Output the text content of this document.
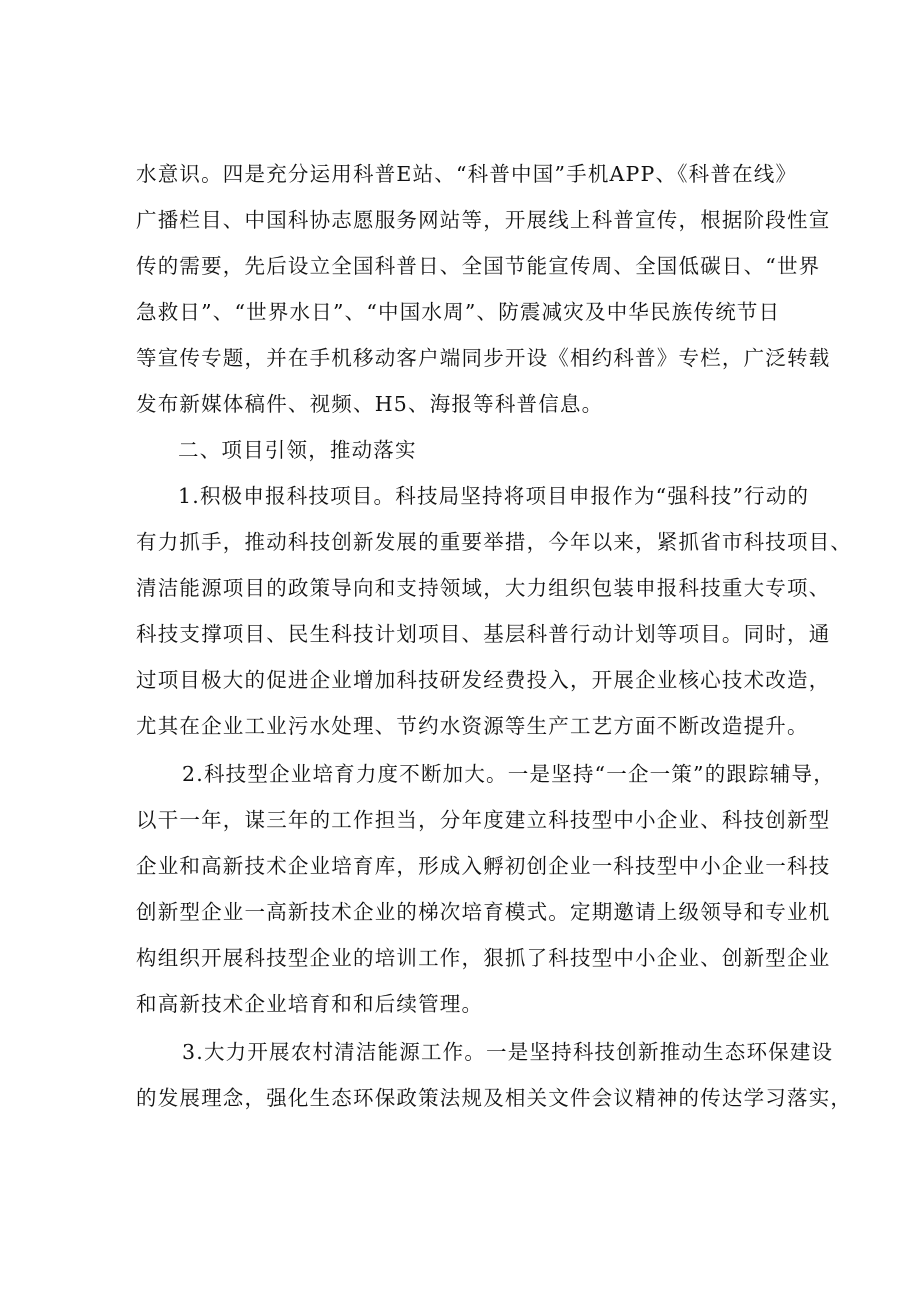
水意识。四是充分运用科普E站、“科普中国”手机APP、《科普在线》
广播栏目、中国科协志愿服务网站等，开展线上科普宣传，根据阶段性宣
传的需要，先后设立全国科普日、全国节能宣传周、全国低碳日、“世界
急救日”、“世界水日”、“中国水周”、防震减灾及中华民族传统节日
等宣传专题，并在手机移动客户端同步开设《相约科普》专栏，广泛转载
发布新媒体稿件、视频、H5、海报等科普信息。
二、项目引领，推动落实
1.积极申报科技项目。科技局坚持将项目申报作为“强科技”行动的
有力抓手，推动科技创新发展的重要举措，今年以来，紧抓省市科技项目、
清洁能源项目的政策导向和支持领域，大力组织包装申报科技重大专项、
科技支撑项目、民生科技计划项目、基层科普行动计划等项目。同时，通
过项目极大的促进企业增加科技研发经费投入，开展企业核心技术改造，
尤其在企业工业污水处理、节约水资源等生产工艺方面不断改造提升。
2.科技型企业培育力度不断加大。一是坚持“一企一策”的跟踪辅导，
以干一年，谋三年的工作担当，分年度建立科技型中小企业、科技创新型
企业和高新技术企业培育库，形成入孵初创企业一科技型中小企业一科技
创新型企业一高新技术企业的梯次培育模式。定期邀请上级领导和专业机
构组织开展科技型企业的培训工作，狠抓了科技型中小企业、创新型企业
和高新技术企业培育和和后续管理。
3.大力开展农村清洁能源工作。一是坚持科技创新推动生态环保建设
的发展理念，强化生态环保政策法规及相关文件会议精神的传达学习落实，
